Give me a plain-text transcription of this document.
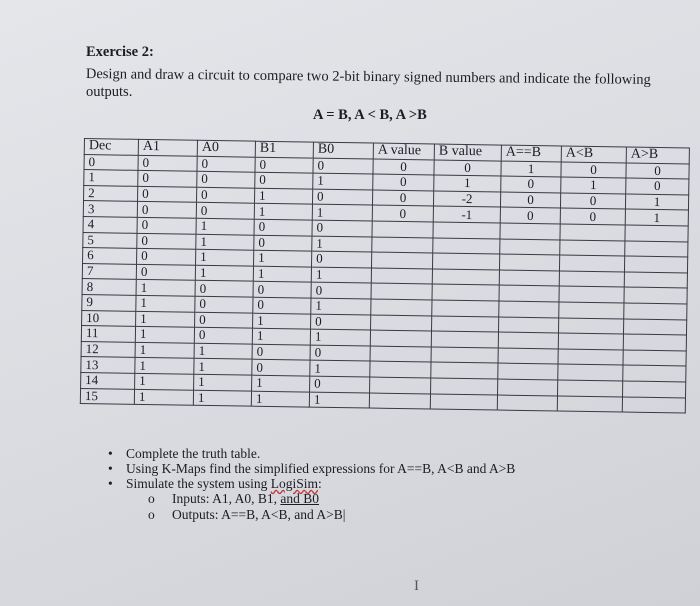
Exercise 2:
Design and draw a circuit to compare two 2-bit binary signed numbers and indicate the following
outputs.
A = B, A < B, A >B
Dec	A1	A0	B1	B0	A value	B value	A==B	A<B	A>B
0	0	0	0	0	0	0	1	0	0
1	0	0	0	1	0	1	0	1	0
2	0	0	1	0	0	-2	0	0	1
3	0	0	1	1	0	-1	0	0	1
4	0	1	0	0					
5	0	1	0	1					
6	0	1	1	0					
7	0	1	1	1					
8	1	0	0	0					
9	1	0	0	1					
10	1	0	1	0					
11	1	0	1	1					
12	1	1	0	0					
13	1	1	0	1					
14	1	1	1	0					
15	1	1	1	1					
• Complete the truth table.
• Using K-Maps find the simplified expressions for A==B, A<B and A>B
• Simulate the system using LogiSim:
o Inputs: A1, A0, B1, and B0
o Outputs: A==B, A<B, and A>B|
I
